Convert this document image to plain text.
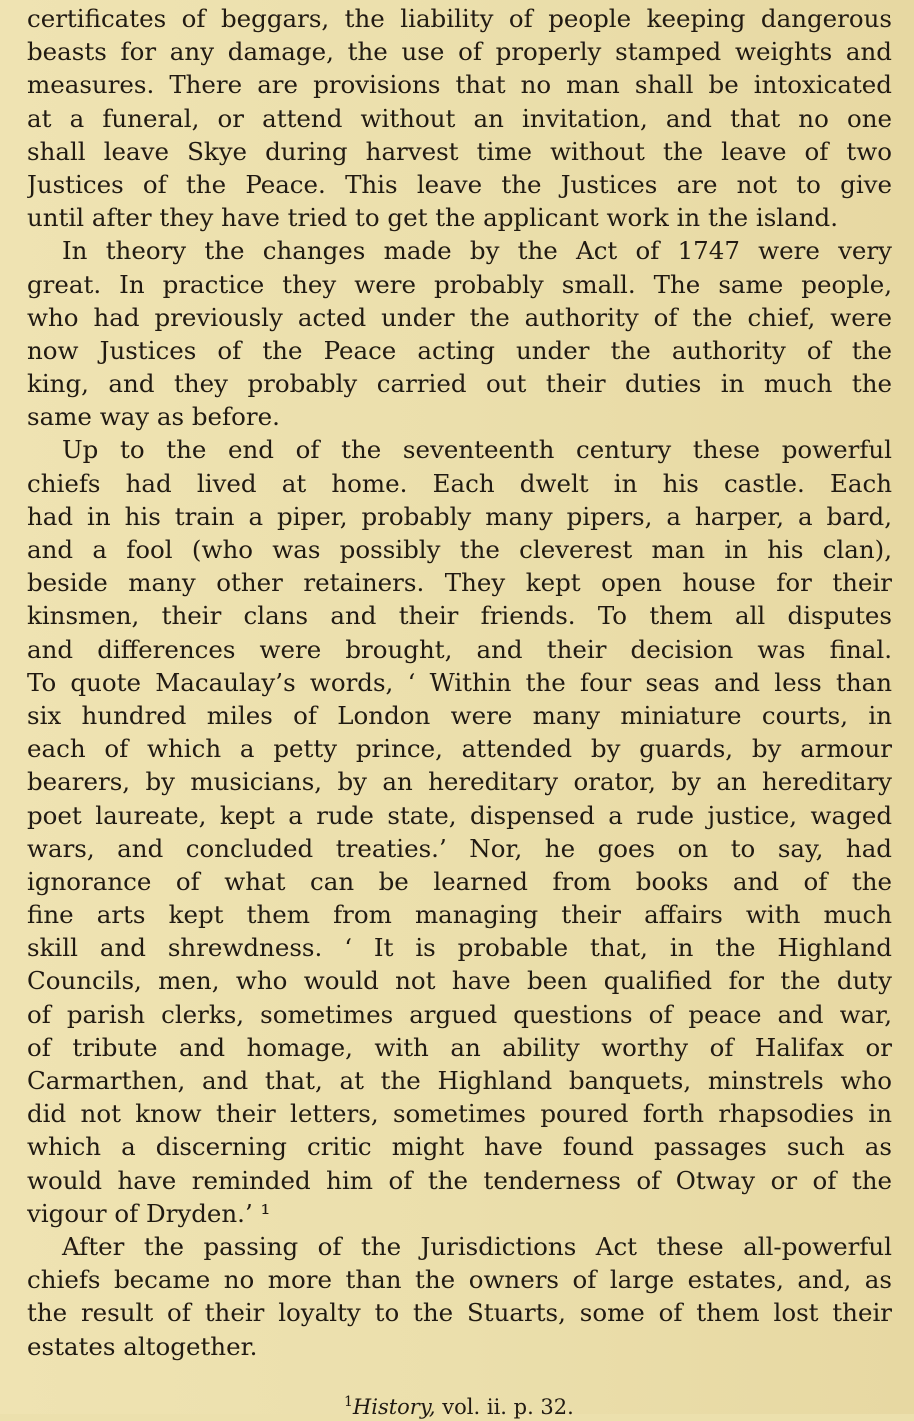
certificates of beggars, the liability of people keeping dangerous
beasts for any damage, the use of properly stamped weights and
measures. There are provisions that no man shall be intoxicated
at a funeral, or attend without an invitation, and that no one
shall leave Skye during harvest time without the leave of two
Justices of the Peace. This leave the Justices are not to give
until after they have tried to get the applicant work in the island.
In theory the changes made by the Act of 1747 were very
great. In practice they were probably small. The same people,
who had previously acted under the authority of the chief, were
now Justices of the Peace acting under the authority of the
king, and they probably carried out their duties in much the
same way as before.
Up to the end of the seventeenth century these powerful
chiefs had lived at home. Each dwelt in his castle. Each
had in his train a piper, probably many pipers, a harper, a bard,
and a fool (who was possibly the cleverest man in his clan),
beside many other retainers. They kept open house for their
kinsmen, their clans and their friends. To them all disputes
and differences were brought, and their decision was final.
To quote Macaulay’s words, ‘ Within the four seas and less than
six hundred miles of London were many miniature courts, in
each of which a petty prince, attended by guards, by armour
bearers, by musicians, by an hereditary orator, by an hereditary
poet laureate, kept a rude state, dispensed a rude justice, waged
wars, and concluded treaties.’ Nor, he goes on to say, had
ignorance of what can be learned from books and of the
fine arts kept them from managing their affairs with much
skill and shrewdness. ‘ It is probable that, in the Highland
Councils, men, who would not have been qualified for the duty
of parish clerks, sometimes argued questions of peace and war,
of tribute and homage, with an ability worthy of Halifax or
Carmarthen, and that, at the Highland banquets, minstrels who
did not know their letters, sometimes poured forth rhapsodies in
which a discerning critic might have found passages such as
would have reminded him of the tenderness of Otway or of the
vigour of Dryden.’ ¹
After the passing of the Jurisdictions Act these all-powerful
chiefs became no more than the owners of large estates, and, as
the result of their loyalty to the Stuarts, some of them lost their
estates altogether.
$^1$History, vol. ii. p. 32.
